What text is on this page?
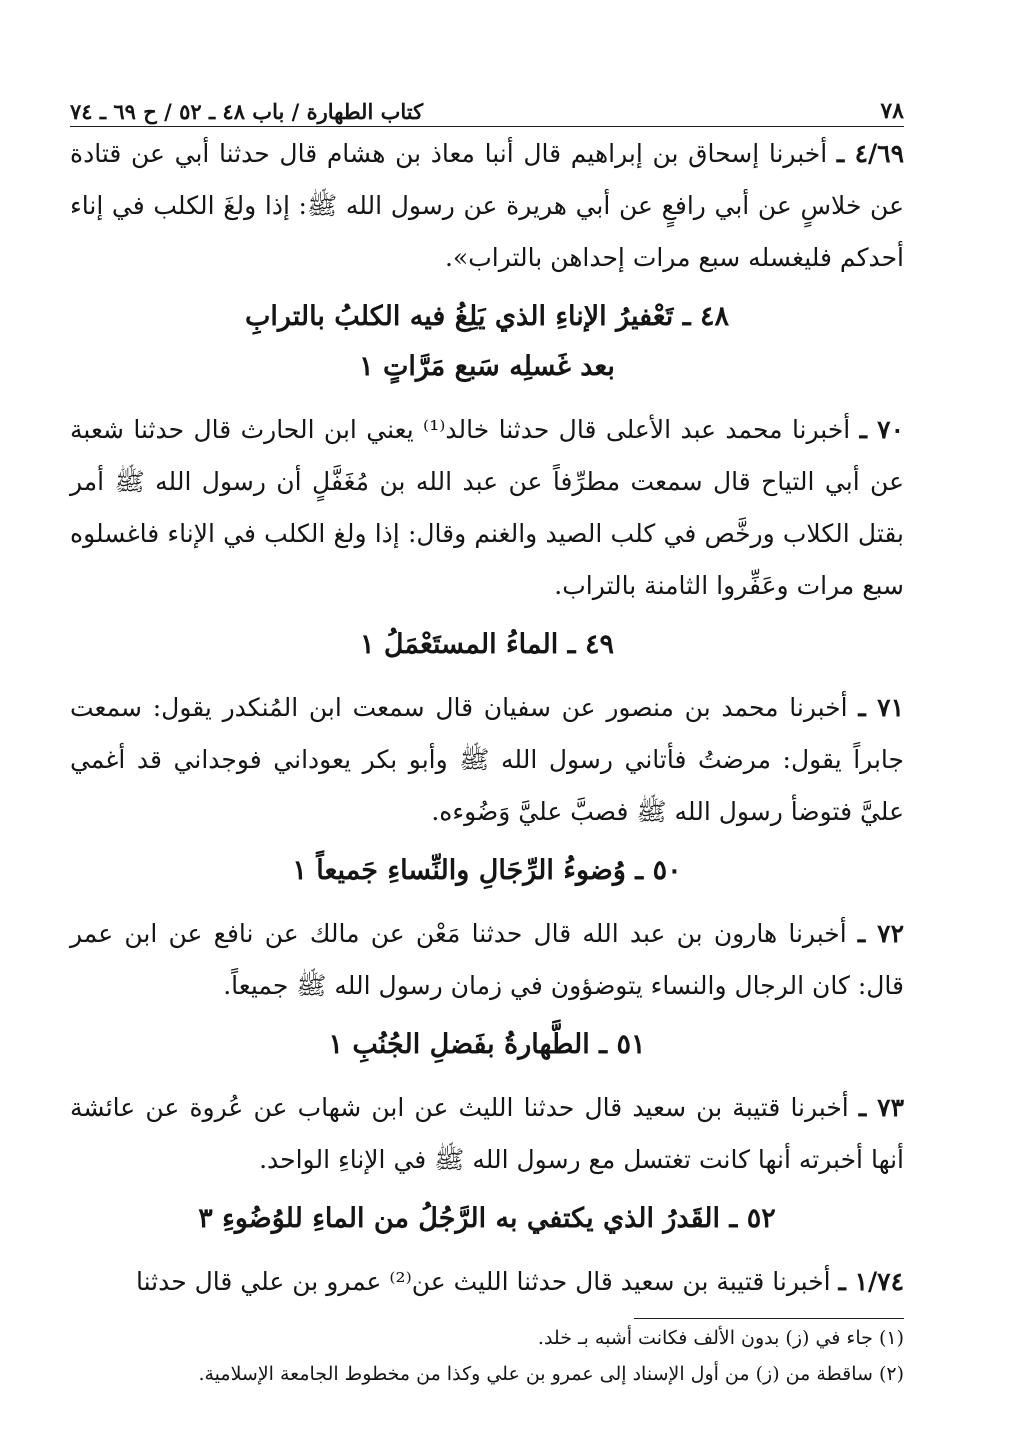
٧٨
كتاب الطهارة / باب ٤٨ ـ ٥٢ / ح ٦٩ ـ ٧٤

٤/٦٩ ـ أخبرنا إسحاق بن إبراهيم قال أنبا معاذ بن هشام قال حدثنا أبي عن قتادة عن خلاسٍ عن أبي رافعٍ عن أبي هريرة عن رسول الله ﷺ: إذا ولغَ الكلب في إناء أحدكم فليغسله سبع مرات إحداهن بالتراب».

٤٨ ـ تَعْفيرُ الإناءِ الذي يَلِغُ فيه الكلبُ بالترابِ
بعد غَسلِه سَبع مَرَّاتٍ ١

٧٠ ـ أخبرنا محمد عبد الأعلى قال حدثنا خالد⁽¹⁾ يعني ابن الحارث قال حدثنا شعبة عن أبي التياح قال سمعت مطرِّفاً عن عبد الله بن مُغَفَّلٍ أن رسول الله ﷺ أمر بقتل الكلاب ورخَّص في كلب الصيد والغنم وقال: إذا ولغ الكلب في الإناء فاغسلوه سبع مرات وعَفِّروا الثامنة بالتراب.

٤٩ ـ الماءُ المستَعْمَلُ ١

٧١ ـ أخبرنا محمد بن منصور عن سفيان قال سمعت ابن المُنكدر يقول: سمعت جابراً يقول: مرضتُ فأتاني رسول الله ﷺ وأبو بكر يعوداني فوجداني قد أغمي عليَّ فتوضأ رسول الله ﷺ فصبَّ عليَّ وَضُوءه.

٥٠ ـ وُضوءُ الرِّجَالِ والنِّساءِ جَميعاً ١

٧٢ ـ أخبرنا هارون بن عبد الله قال حدثنا مَعْن عن مالك عن نافع عن ابن عمر قال: كان الرجال والنساء يتوضؤون في زمان رسول الله ﷺ جميعاً.

٥١ ـ الطَّهارةُ بفَضلِ الجُنُبِ ١

٧٣ ـ أخبرنا قتيبة بن سعيد قال حدثنا الليث عن ابن شهاب عن عُروة عن عائشة أنها أخبرته أنها كانت تغتسل مع رسول الله ﷺ في الإناءِ الواحد.

٥٢ ـ القَدرُ الذي يكتفي به الرَّجُلُ من الماءِ للوُضُوءِ ٣

١/٧٤ ـ أخبرنا قتيبة بن سعيد قال حدثنا الليث عن⁽²⁾ عمرو بن علي قال حدثنا

(١) جاء في (ز) بدون الألف فكانت أشبه بـ خلد.

(٢) ساقطة من (ز) من أول الإسناد إلى عمرو بن علي وكذا من مخطوط الجامعة الإسلامية.
